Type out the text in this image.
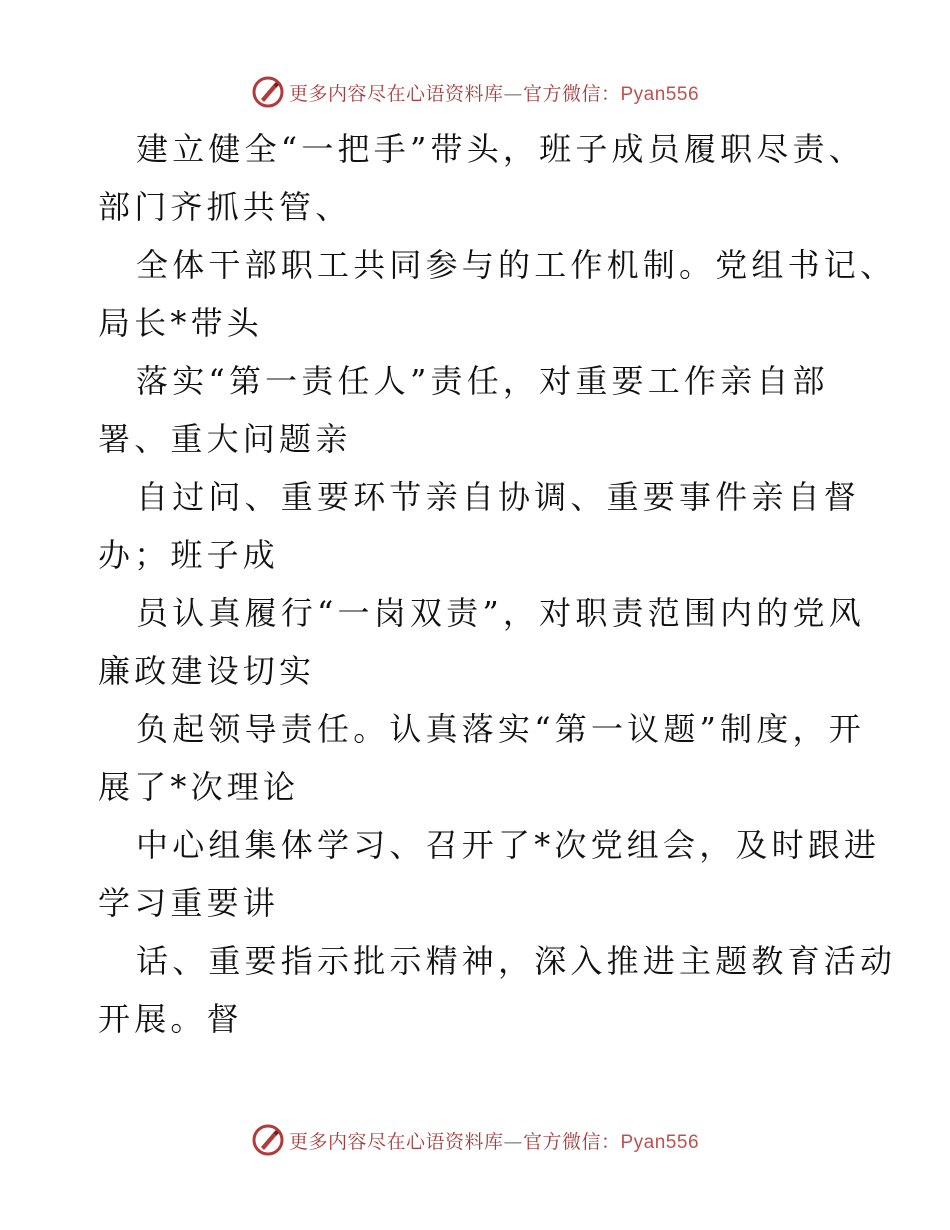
更多内容尽在心语资料库—官方微信：Pyan556
建立健全“一把手”带头，班子成员履职尽责、
部门齐抓共管、
全体干部职工共同参与的工作机制。党组书记、
局长*带头
落实“第一责任人”责任，对重要工作亲自部
署、重大问题亲
自过问、重要环节亲自协调、重要事件亲自督
办；班子成
员认真履行“一岗双责”，对职责范围内的党风
廉政建设切实
负起领导责任。认真落实“第一议题”制度，开
展了*次理论
中心组集体学习、召开了*次党组会，及时跟进
学习重要讲
话、重要指示批示精神，深入推进主题教育活动
开展。督
更多内容尽在心语资料库—官方微信：Pyan556
